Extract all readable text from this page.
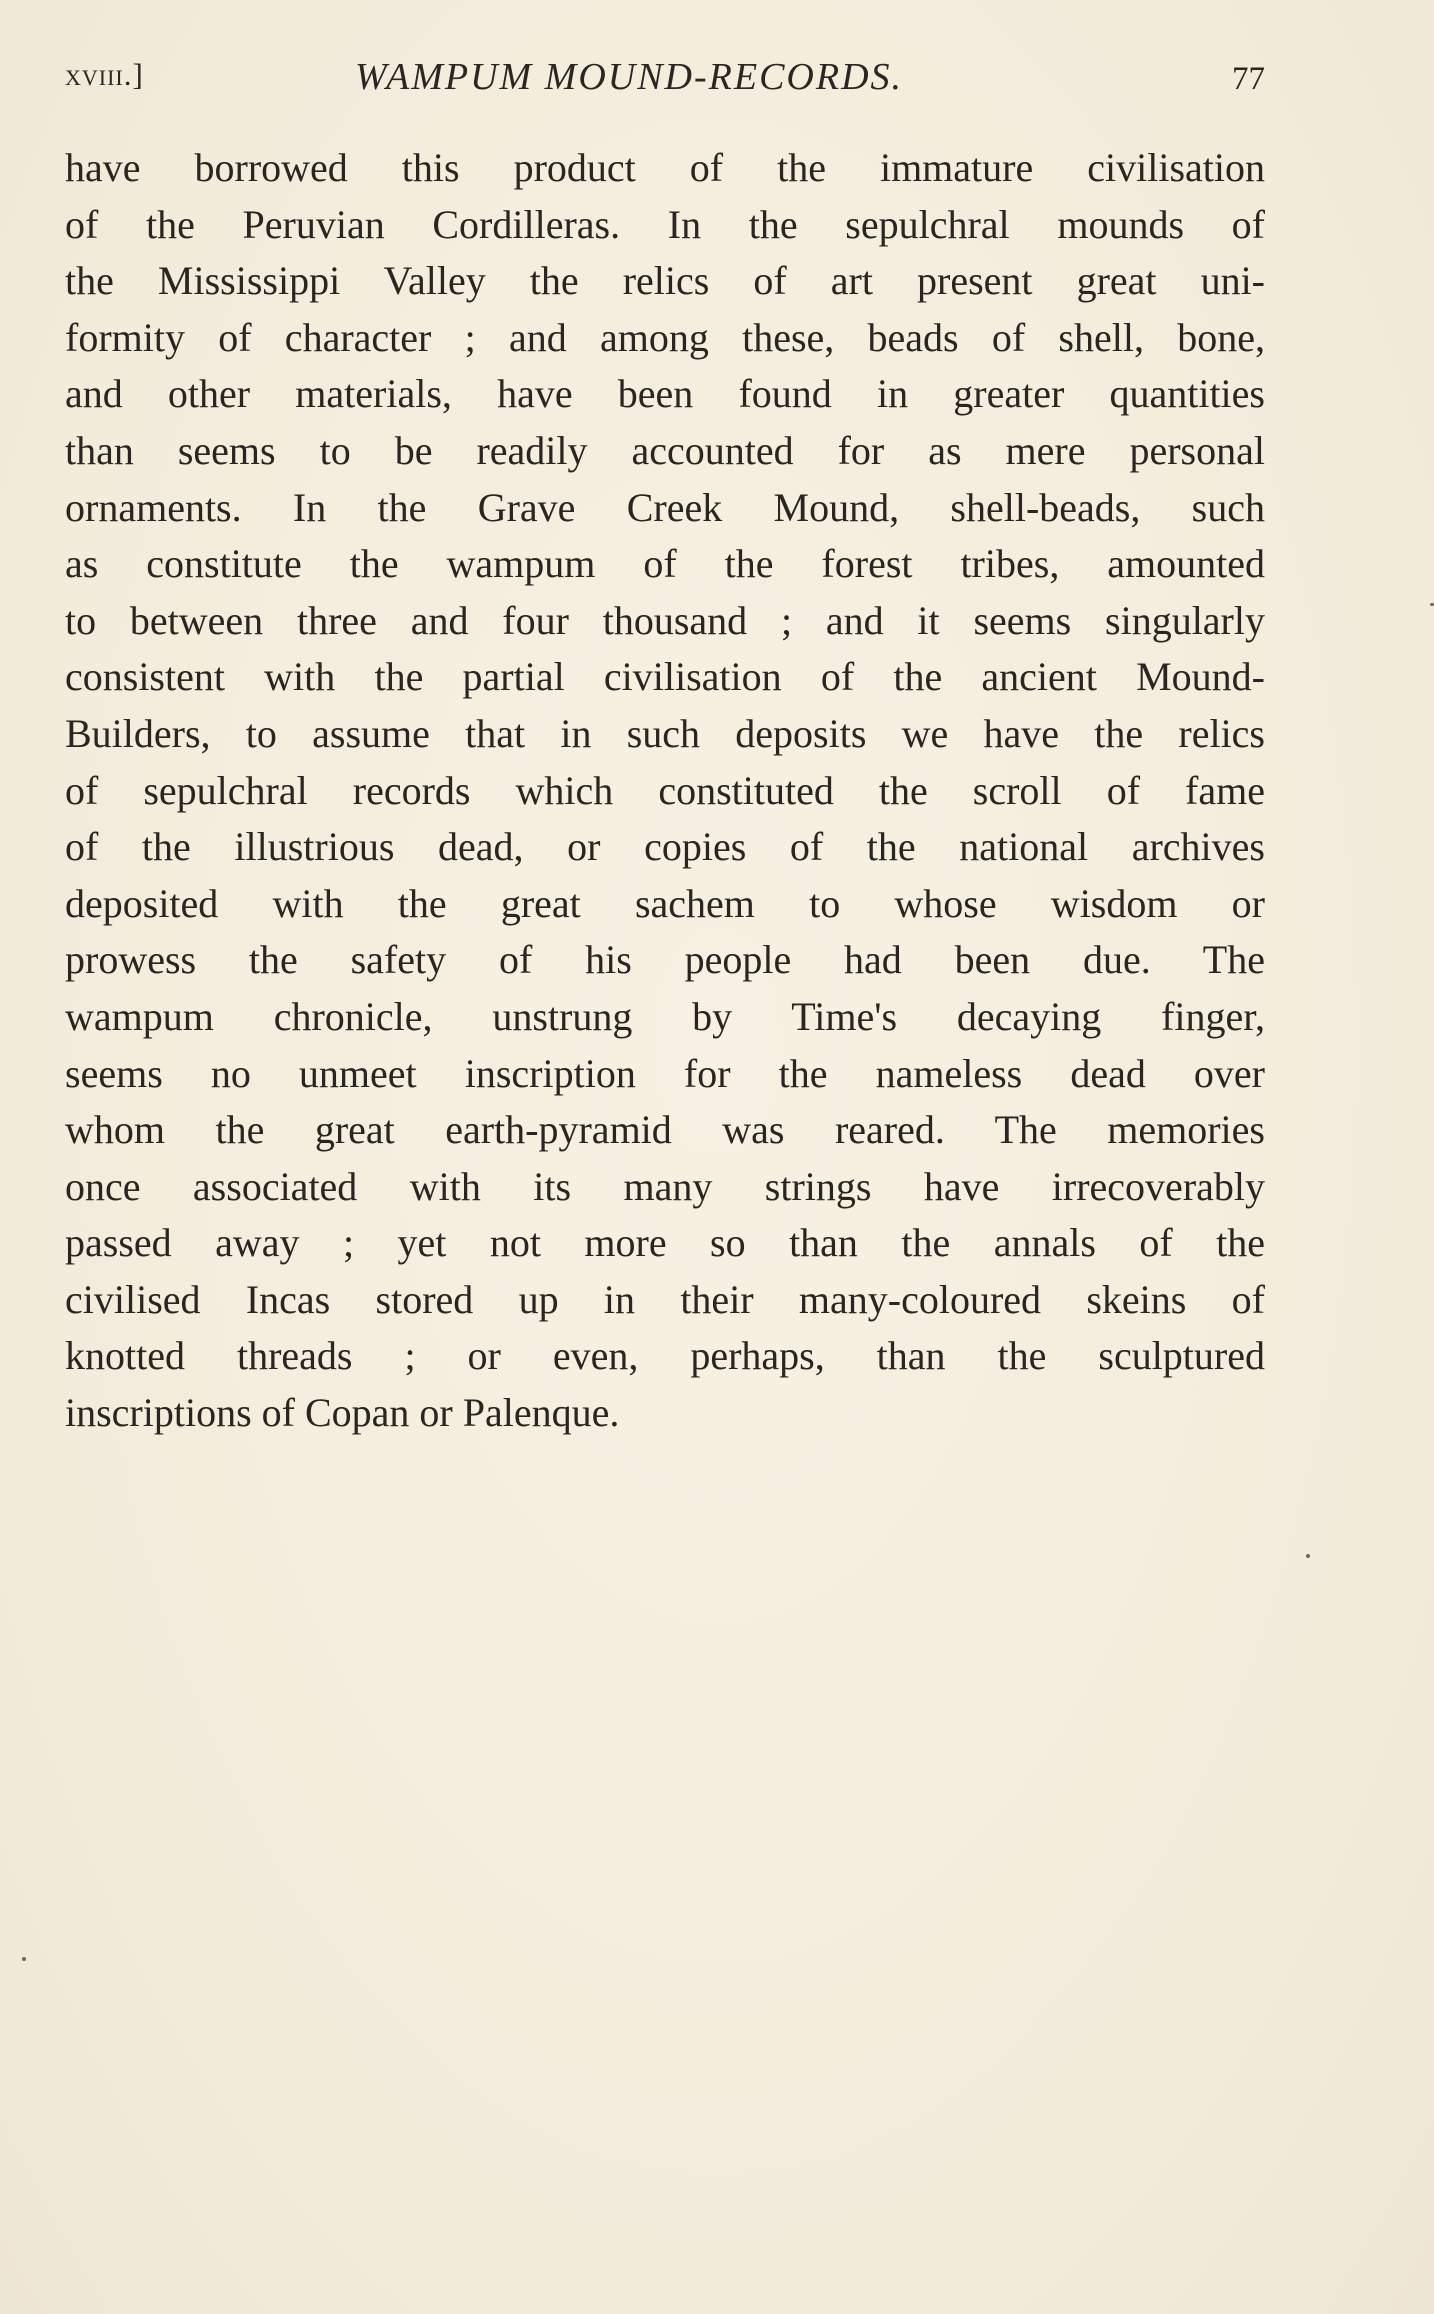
xviii.]	WAMPUM MOUND-RECORDS.	77
have borrowed this product of the immature civilisation
of the Peruvian Cordilleras. In the sepulchral mounds of
the Mississippi Valley the relics of art present great uni-
formity of character ; and among these, beads of shell, bone,
and other materials, have been found in greater quantities
than seems to be readily accounted for as mere personal
ornaments. In the Grave Creek Mound, shell-beads, such
as constitute the wampum of the forest tribes, amounted
to between three and four thousand ; and it seems singularly
consistent with the partial civilisation of the ancient Mound-
Builders, to assume that in such deposits we have the relics
of sepulchral records which constituted the scroll of fame
of the illustrious dead, or copies of the national archives
deposited with the great sachem to whose wisdom or
prowess the safety of his people had been due. The
wampum chronicle, unstrung by Time's decaying finger,
seems no unmeet inscription for the nameless dead over
whom the great earth-pyramid was reared. The memories
once associated with its many strings have irrecoverably
passed away ; yet not more so than the annals of the
civilised Incas stored up in their many-coloured skeins of
knotted threads ; or even, perhaps, than the sculptured
inscriptions of Copan or Palenque.
